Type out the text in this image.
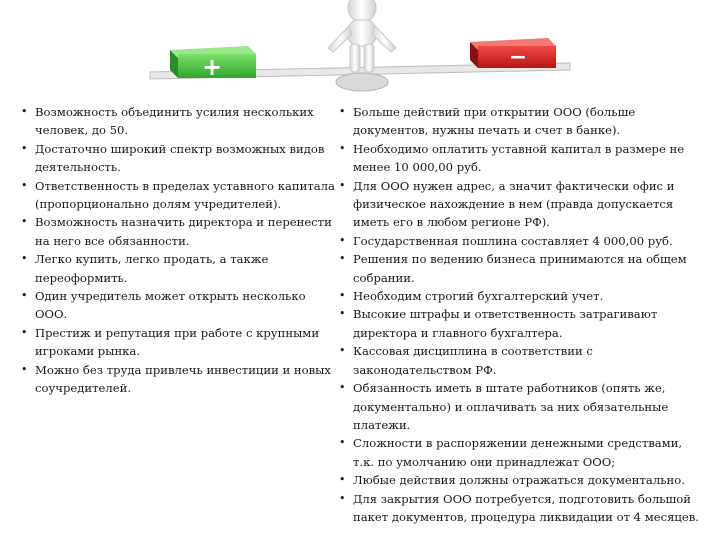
+	−
• Возможность объединить усилия нескольких человек, до 50.
• Достаточно широкий спектр возможных видов деятельность.
• Ответственность в пределах уставного капитала (пропорционально долям учредителей).
• Возможность назначить директора и перенести на него все обязанности.
• Легко купить, легко продать, а также переоформить.
• Один учредитель может открыть несколько ООО.
• Престиж и репутация при работе с крупными игроками рынка.
• Можно без труда привлечь инвестиции и новых соучредителей.
• Больше действий при открытии ООО (больше документов, нужны печать и счет в банке).
• Необходимо оплатить уставной капитал в размере не менее 10 000,00 руб.
• Для ООО нужен адрес, а значит фактически офис и физическое нахождение в нем (правда допускается иметь его в любом регионе РФ).
• Государственная пошлина составляет 4 000,00 руб.
• Решения по ведению бизнеса принимаются на общем собрании.
• Необходим строгий бухгалтерский учет.
• Высокие штрафы и ответственность затрагивают директора и главного бухгалтера.
• Кассовая дисциплина в соответствии с законодательством РФ.
• Обязанность иметь в штате работников (опять же, документально) и оплачивать за них обязательные платежи.
• Сложности в распоряжении денежными средствами, т.к. по умолчанию они принадлежат ООО;
• Любые действия должны отражаться документально.
• Для закрытия ООО потребуется, подготовить большой пакет документов, процедура ликвидации от 4 месяцев.
